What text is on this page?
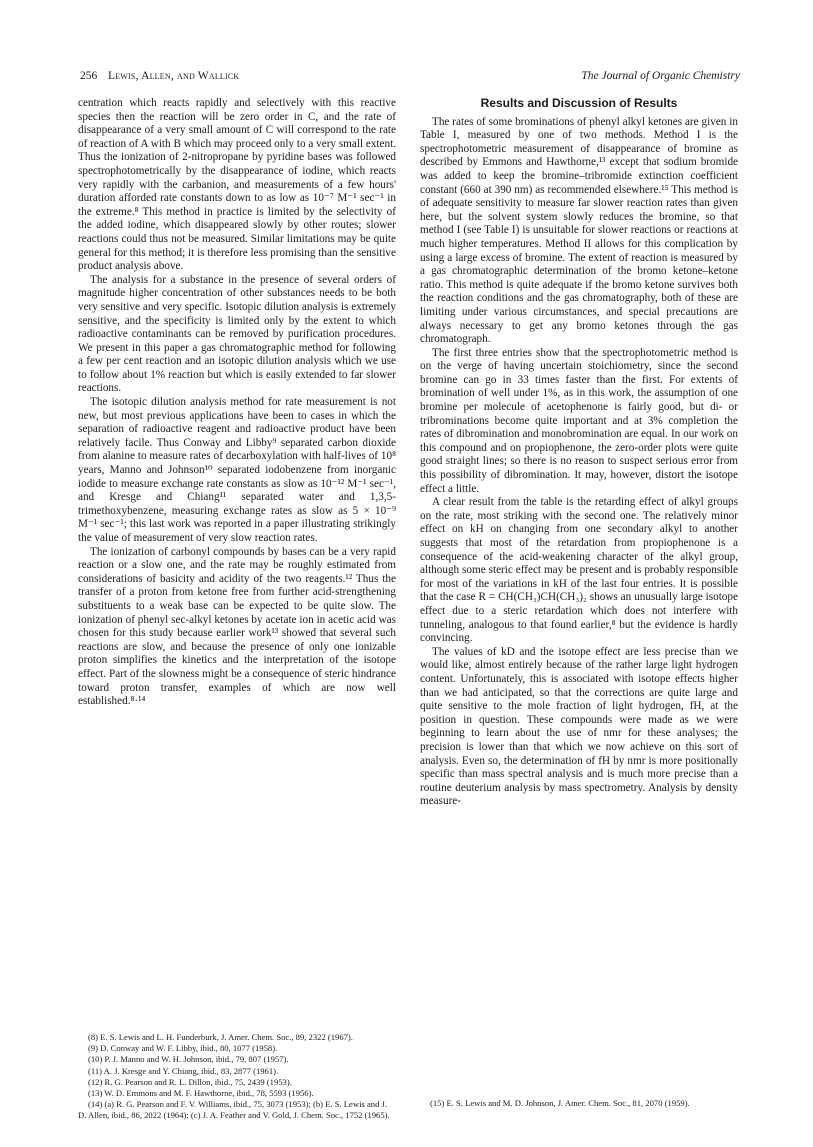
256 Lewis, Allen, and Wallick	The Journal of Organic Chemistry

centration which reacts rapidly and selectively with this reactive species then the reaction will be zero order in C, and the rate of disappearance of a very small amount of C will correspond to the rate of reaction of A with B which may proceed only to a very small extent. Thus the ionization of 2-nitropropane by pyridine bases was followed spectrophotometrically by the disappearance of iodine, which reacts very rapidly with the carbanion, and measurements of a few hours' duration afforded rate constants down to as low as 10⁻⁷ M⁻¹ sec⁻¹ in the extreme.⁸ This method in practice is limited by the selectivity of the added iodine, which disappeared slowly by other routes; slower reactions could thus not be measured. Similar limitations may be quite general for this method; it is therefore less promising than the sensitive product analysis above.

The analysis for a substance in the presence of several orders of magnitude higher concentration of other substances needs to be both very sensitive and very specific. Isotopic dilution analysis is extremely sensitive, and the specificity is limited only by the extent to which radioactive contaminants can be removed by purification procedures. We present in this paper a gas chromatographic method for following a few per cent reaction and an isotopic dilution analysis which we use to follow about 1% reaction but which is easily extended to far slower reactions.

The isotopic dilution analysis method for rate measurement is not new, but most previous applications have been to cases in which the separation of radioactive reagent and radioactive product have been relatively facile. Thus Conway and Libby⁹ separated carbon dioxide from alanine to measure rates of decarboxylation with half-lives of 10⁸ years, Manno and Johnson¹⁰ separated iodobenzene from inorganic iodide to measure exchange rate constants as slow as 10⁻¹² M⁻¹ sec⁻¹, and Kresge and Chiang¹¹ separated water and 1,3,5-trimethoxybenzene, measuring exchange rates as slow as 5 × 10⁻⁹ M⁻¹ sec⁻¹; this last work was reported in a paper illustrating strikingly the value of measurement of very slow reaction rates.

The ionization of carbonyl compounds by bases can be a very rapid reaction or a slow one, and the rate may be roughly estimated from considerations of basicity and acidity of the two reagents.¹² Thus the transfer of a proton from ketone free from further acid-strengthening substituents to a weak base can be expected to be quite slow. The ionization of phenyl sec-alkyl ketones by acetate ion in acetic acid was chosen for this study because earlier work¹³ showed that several such reactions are slow, and because the presence of only one ionizable proton simplifies the kinetics and the interpretation of the isotope effect. Part of the slowness might be a consequence of steric hindrance toward proton transfer, examples of which are now well established.⁸·¹⁴

(8) E. S. Lewis and L. H. Funderburk, J. Amer. Chem. Soc., 89, 2322 (1967).
(9) D. Conway and W. F. Libby, ibid., 80, 1077 (1958).
(10) P. J. Manno and W. H. Johnson, ibid., 79, 807 (1957).
(11) A. J. Kresge and Y. Chiang, ibid., 83, 2877 (1961).
(12) R. G. Pearson and R. L. Dillon, ibid., 75, 2439 (1953).
(13) W. D. Emmons and M. F. Hawthorne, ibid., 78, 5593 (1956).
(14) (a) R. G. Pearson and F. V. Williams, ibid., 75, 3073 (1953); (b) E. S. Lewis and J. D. Allen, ibid., 86, 2022 (1964); (c) J. A. Feather and V. Gold, J. Chem. Soc., 1752 (1965).
Results and Discussion of Results

The rates of some brominations of phenyl alkyl ketones are given in Table I, measured by one of two methods. Method I is the spectrophotometric measurement of disappearance of bromine as described by Emmons and Hawthorne,¹³ except that sodium bromide was added to keep the bromine–tribromide extinction coefficient constant (660 at 390 nm) as recommended elsewhere.¹⁵ This method is of adequate sensitivity to measure far slower reaction rates than given here, but the solvent system slowly reduces the bromine, so that method I (see Table I) is unsuitable for slower reactions or reactions at much higher temperatures. Method II allows for this complication by using a large excess of bromine. The extent of reaction is measured by a gas chromatographic determination of the bromo ketone–ketone ratio. This method is quite adequate if the bromo ketone survives both the reaction conditions and the gas chromatography, both of these are limiting under various circumstances, and special precautions are always necessary to get any bromo ketones through the gas chromatograph.

The first three entries show that the spectrophotometric method is on the verge of having uncertain stoichiometry, since the second bromine can go in 33 times faster than the first. For extents of bromination of well under 1%, as in this work, the assumption of one bromine per molecule of acetophenone is fairly good, but di- or tribrominations become quite important and at 3% completion the rates of dibromination and monobromination are equal. In our work on this compound and on propiophenone, the zero-order plots were quite good straight lines; so there is no reason to suspect serious error from this possibility of dibromination. It may, however, distort the isotope effect a little.

A clear result from the table is the retarding effect of alkyl groups on the rate, most striking with the second one. The relatively minor effect on kH on changing from one secondary alkyl to another suggests that most of the retardation from propiophenone is a consequence of the acid-weakening character of the alkyl group, although some steric effect may be present and is probably responsible for most of the variations in kH of the last four entries. It is possible that the case R = CH(CH₃)CH(CH₃)₂ shows an unusually large isotope effect due to a steric retardation which does not interfere with tunneling, analogous to that found earlier,⁸ but the evidence is hardly convincing.

The values of kD and the isotope effect are less precise than we would like, almost entirely because of the rather large light hydrogen content. Unfortunately, this is associated with isotope effects higher than we had anticipated, so that the corrections are quite large and quite sensitive to the mole fraction of light hydrogen, fH, at the position in question. These compounds were made as we were beginning to learn about the use of nmr for these analyses; the precision is lower than that which we now achieve on this sort of analysis. Even so, the determination of fH by nmr is more positionally specific than mass spectral analysis and is much more precise than a routine deuterium analysis by mass spectrometry. Analysis by density measure-

(15) E. S. Lewis and M. D. Johnson, J. Amer. Chem. Soc., 81, 2070 (1959).
